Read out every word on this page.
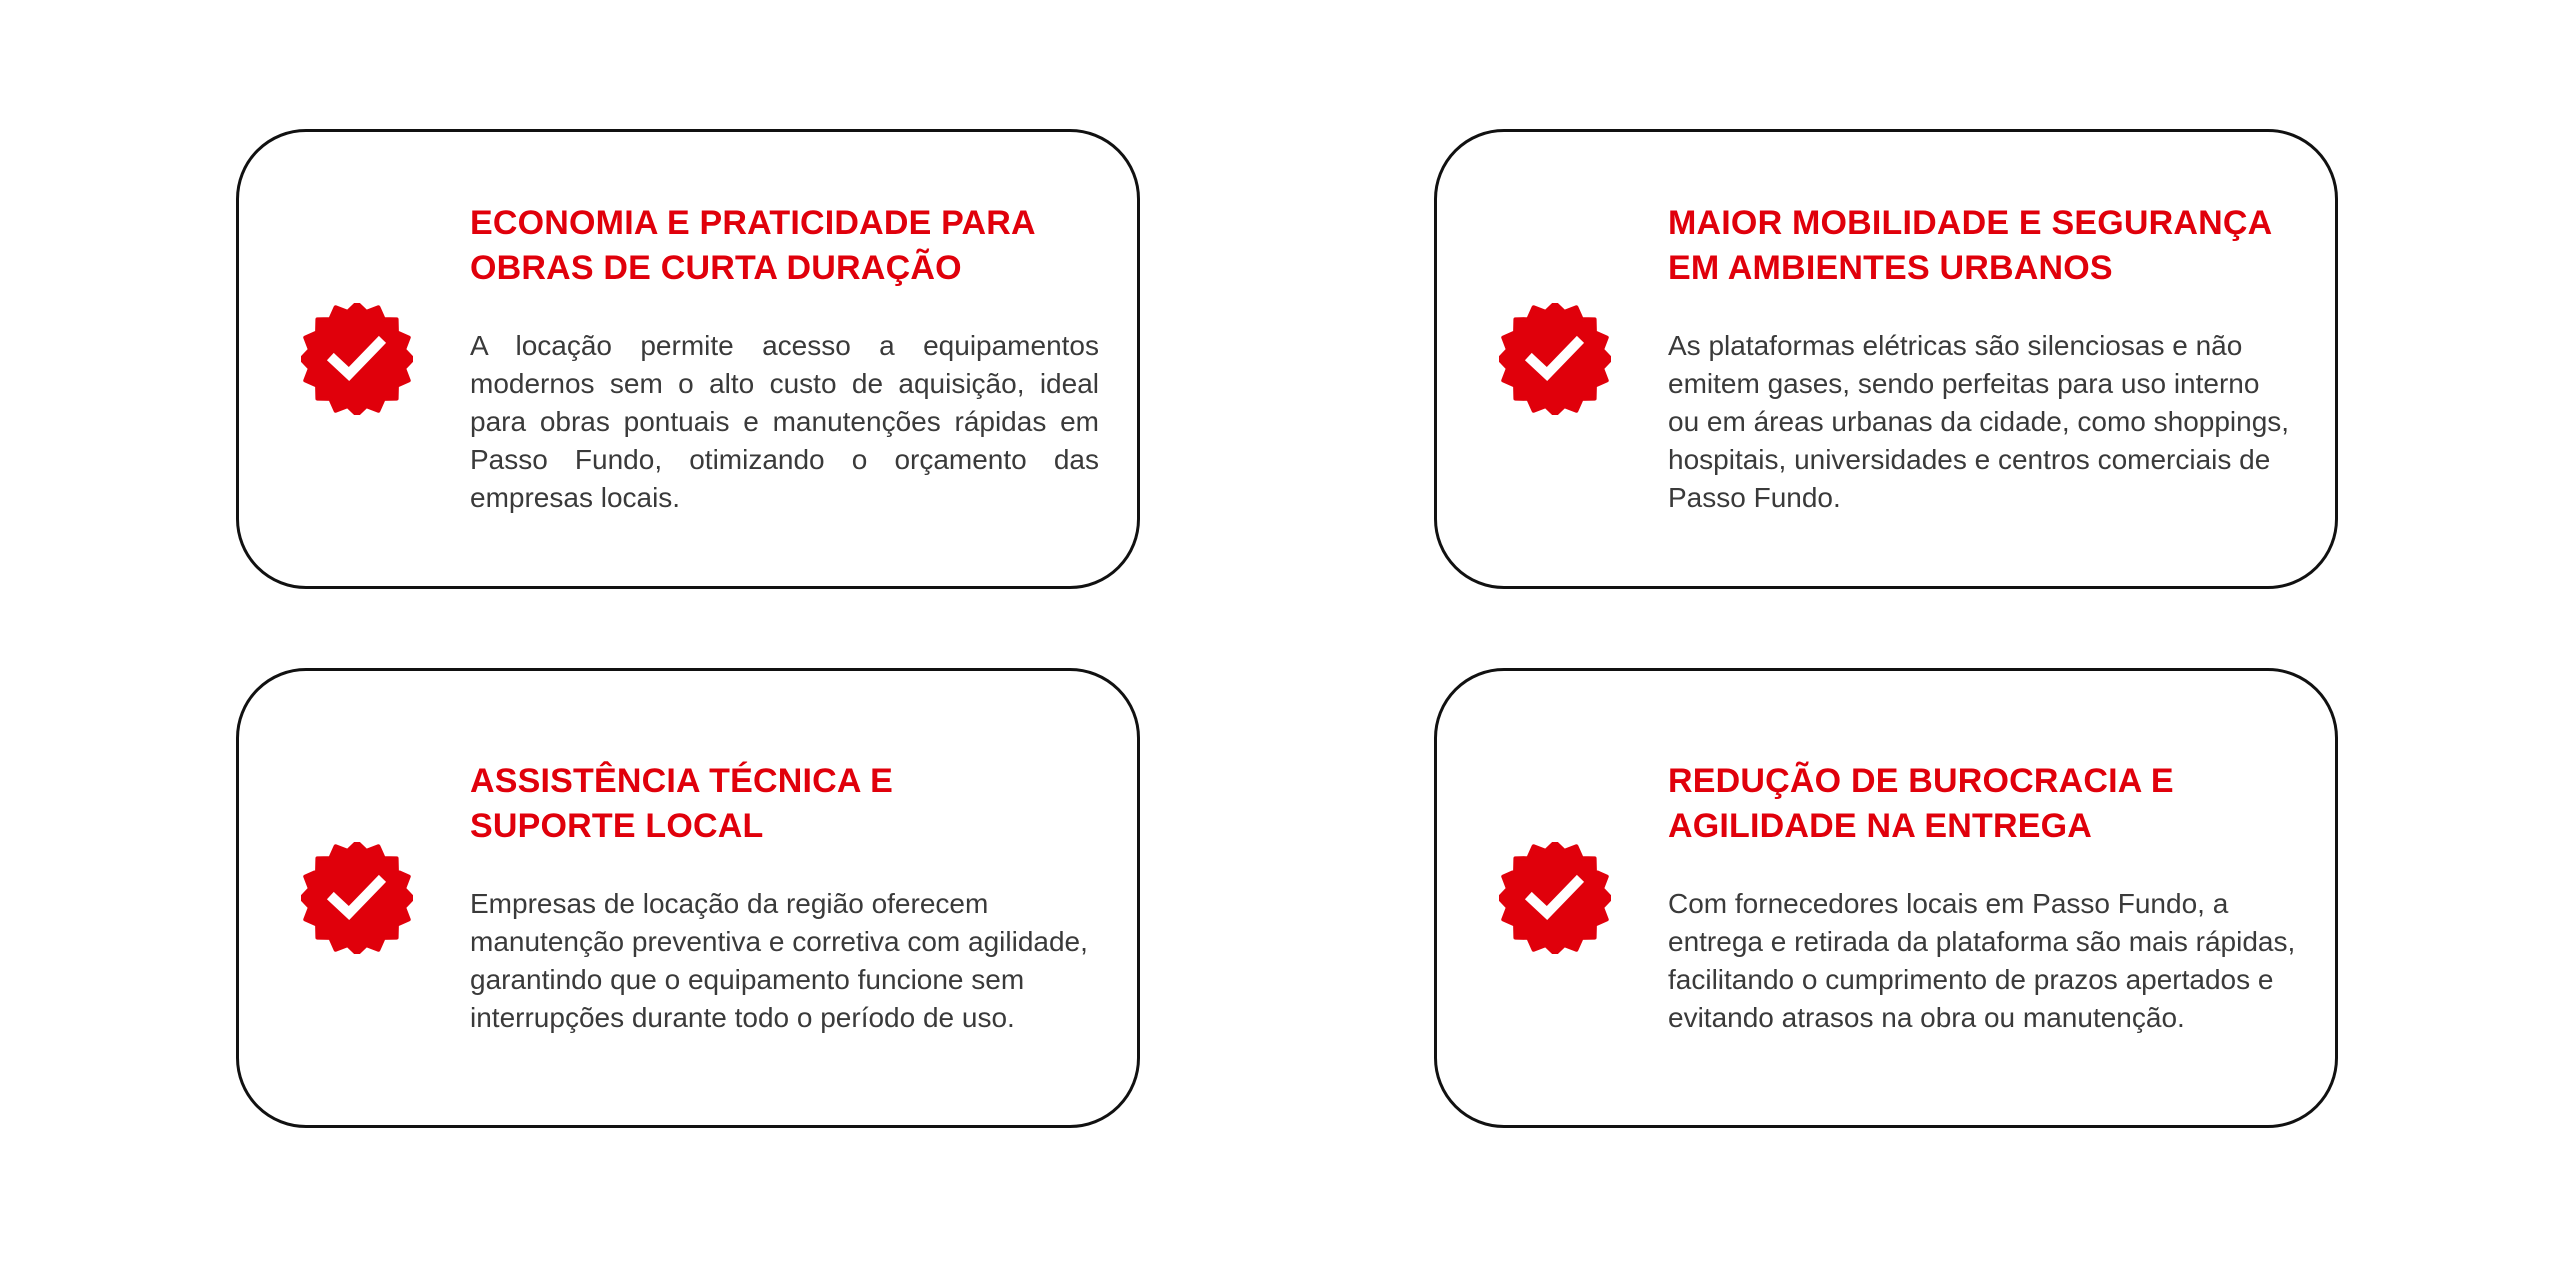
ECONOMIA E PRATICIDADE PARA
OBRAS DE CURTA DURAÇÃO

A locação permite acesso a equipamentos modernos sem o alto custo de aquisição, ideal para obras pontuais e manutenções rápidas em Passo Fundo, otimizando o orçamento das empresas locais.

MAIOR MOBILIDADE E SEGURANÇA
EM AMBIENTES URBANOS

As plataformas elétricas são silenciosas e não emitem gases, sendo perfeitas para uso interno ou em áreas urbanas da cidade, como shoppings, hospitais, universidades e centros comerciais de Passo Fundo.

ASSISTÊNCIA TÉCNICA E
SUPORTE LOCAL

Empresas de locação da região oferecem manutenção preventiva e corretiva com agilidade, garantindo que o equipamento funcione sem interrupções durante todo o período de uso.

REDUÇÃO DE BUROCRACIA E
AGILIDADE NA ENTREGA

Com fornecedores locais em Passo Fundo, a entrega e retirada da plataforma são mais rápidas, facilitando o cumprimento de prazos apertados e evitando atrasos na obra ou manutenção.
